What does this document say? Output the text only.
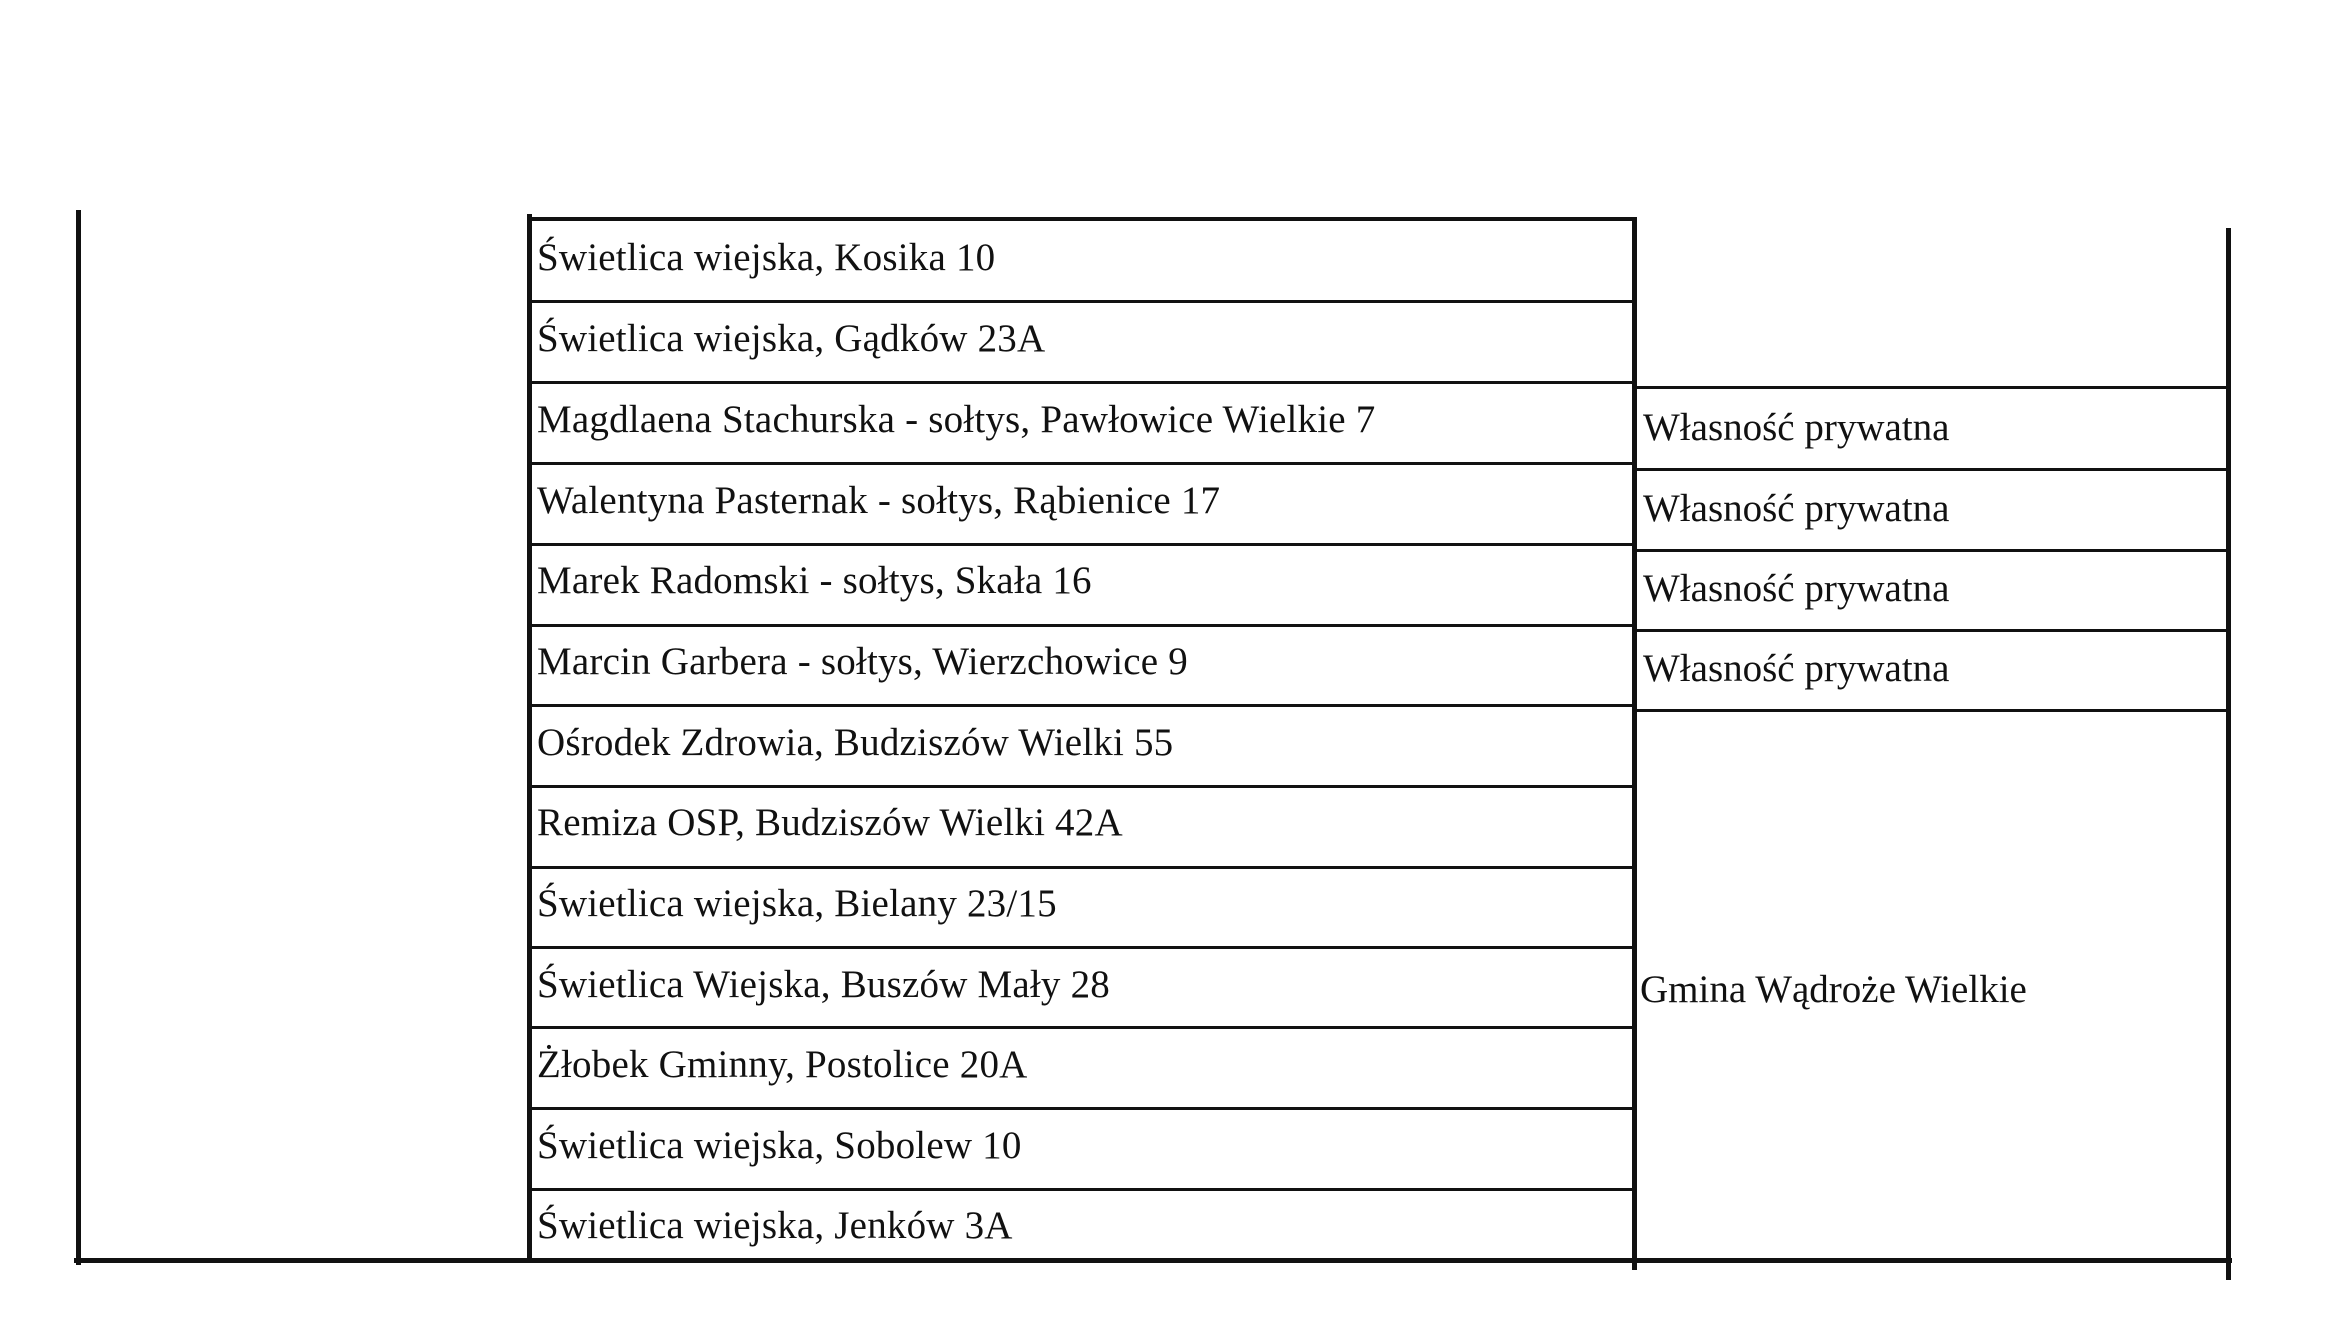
Świetlica wiejska, Kosika 10
Świetlica wiejska, Gądków 23A
Magdlaena Stachurska - sołtys, Pawłowice Wielkie 7
Walentyna Pasternak - sołtys, Rąbienice 17
Marek Radomski - sołtys, Skała 16
Marcin Garbera - sołtys, Wierzchowice 9
Ośrodek Zdrowia, Budziszów Wielki 55
Remiza OSP, Budziszów Wielki 42A
Świetlica wiejska, Bielany 23/15
Świetlica Wiejska, Buszów Mały 28
Żłobek Gminny, Postolice 20A
Świetlica wiejska, Sobolew 10
Świetlica wiejska, Jenków 3A
Własność prywatna
Własność prywatna
Własność prywatna
Własność prywatna
Gmina Wądroże Wielkie
